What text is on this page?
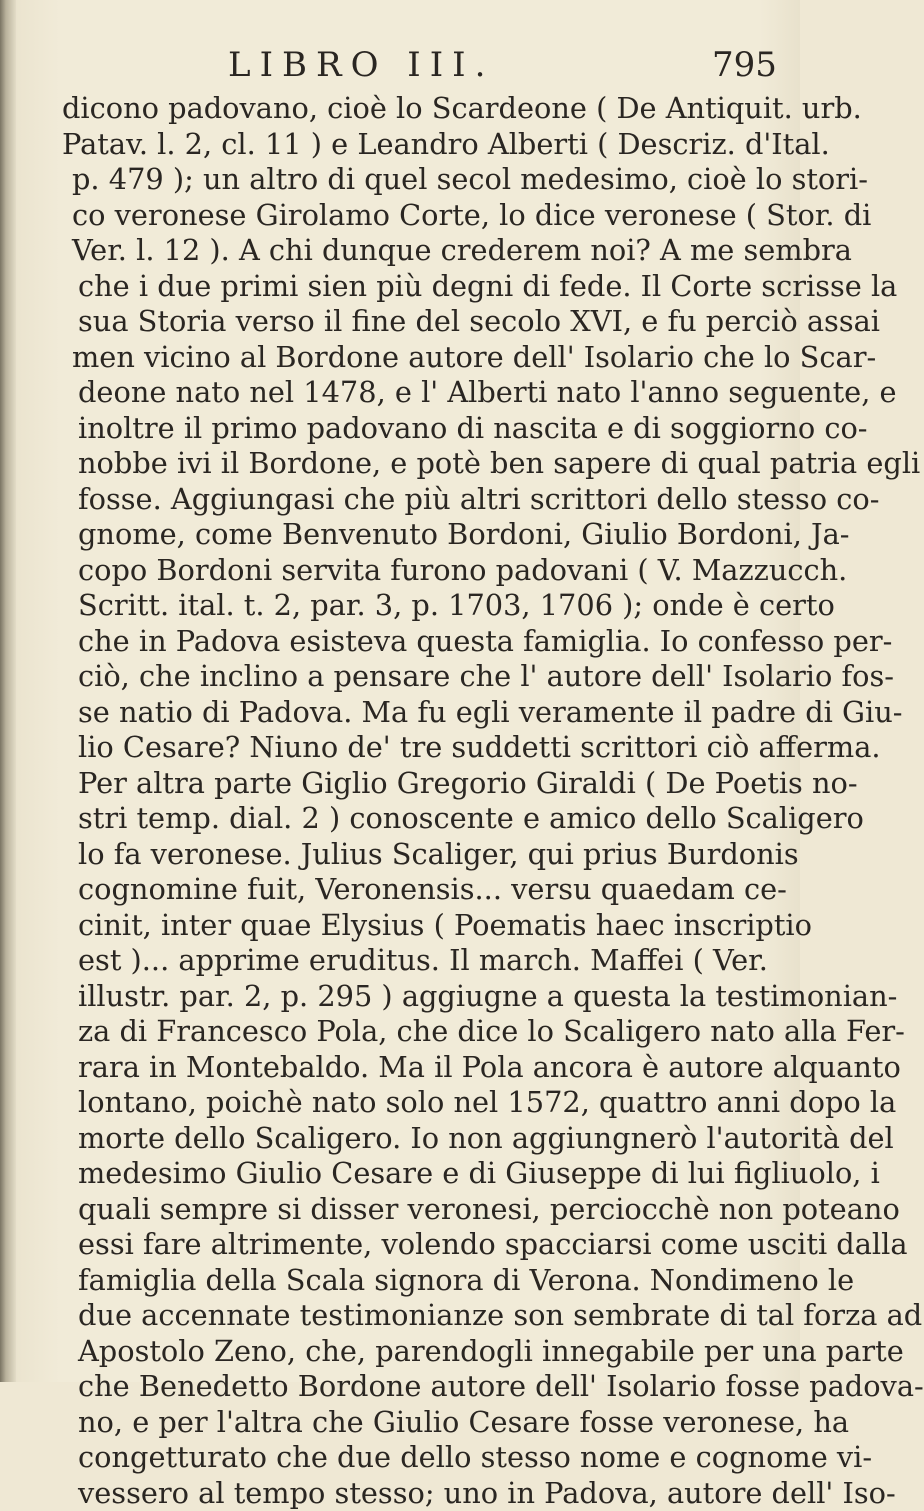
LIBRO III.	795
dicono padovano, cioè lo Scardeone ( De Antiquit. urb.
Patav. l. 2, cl. 11 ) e Leandro Alberti ( Descriz. d'Ital.
p. 479 ); un altro di quel secol medesimo, cioè lo stori-
co veronese Girolamo Corte, lo dice veronese ( Stor. di
Ver. l. 12 ). A chi dunque crederem noi? A me sembra
che i due primi sien più degni di fede. Il Corte scrisse la
sua Storia verso il fine del secolo XVI, e fu perciò assai
men vicino al Bordone autore dell' Isolario che lo Scar-
deone nato nel 1478, e l' Alberti nato l'anno seguente, e
inoltre il primo padovano di nascita e di soggiorno co-
nobbe ivi il Bordone, e potè ben sapere di qual patria egli
fosse. Aggiungasi che più altri scrittori dello stesso co-
gnome, come Benvenuto Bordoni, Giulio Bordoni, Ja-
copo Bordoni servita furono padovani ( V. Mazzucch.
Scritt. ital. t. 2, par. 3, p. 1703, 1706 ); onde è certo
che in Padova esisteva questa famiglia. Io confesso per-
ciò, che inclino a pensare che l' autore dell' Isolario fos-
se natio di Padova. Ma fu egli veramente il padre di Giu-
lio Cesare? Niuno de' tre suddetti scrittori ciò afferma.
Per altra parte Giglio Gregorio Giraldi ( De Poetis no-
stri temp. dial. 2 ) conoscente e amico dello Scaligero
lo fa veronese. Julius Scaliger, qui prius Burdonis
cognomine fuit, Veronensis... versu quaedam ce-
cinit, inter quae Elysius ( Poematis haec inscriptio
est )... apprime eruditus. Il march. Maffei ( Ver.
illustr. par. 2, p. 295 ) aggiugne a questa la testimonian-
za di Francesco Pola, che dice lo Scaligero nato alla Fer-
rara in Montebaldo. Ma il Pola ancora è autore alquanto
lontano, poichè nato solo nel 1572, quattro anni dopo la
morte dello Scaligero. Io non aggiungnerò l'autorità del
medesimo Giulio Cesare e di Giuseppe di lui figliuolo, i
quali sempre si disser veronesi, perciocchè non poteano
essi fare altrimente, volendo spacciarsi come usciti dalla
famiglia della Scala signora di Verona. Nondimeno le
due accennate testimonianze son sembrate di tal forza ad
Apostolo Zeno, che, parendogli innegabile per una parte
che Benedetto Bordone autore dell' Isolario fosse padova-
no, e per l'altra che Giulio Cesare fosse veronese, ha
congetturato che due dello stesso nome e cognome vi-
vessero al tempo stesso; uno in Padova, autore dell' Iso-
